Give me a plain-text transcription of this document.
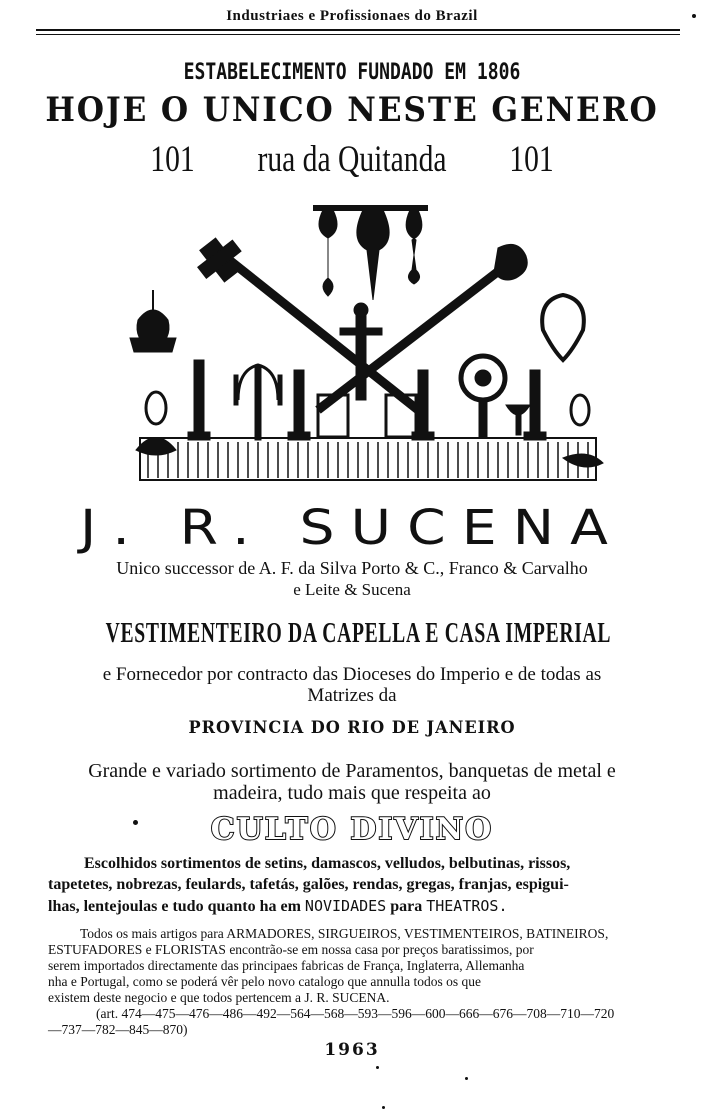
Industriaes e Profissionaes do Brazil
ESTABELECIMENTO FUNDADO EM 1806
HOJE O UNICO NESTE GENERO
101 rua da Quitanda 101
J. R. SUCENA
Unico successor de A. F. da Silva Porto & C., Franco & Carvalho
e Leite & Sucena
VESTIMENTEIRO DA CAPELLA E CASA IMPERIAL
e Fornecedor por contracto das Dioceses do Imperio e de todas as
Matrizes da
PROVINCIA DO RIO DE JANEIRO
Grande e variado sortimento de Paramentos, banquetas de metal e
madeira, tudo mais que respeita ao
CULTO DIVINO
Escolhidos sortimentos de setins, damascos, velludos, belbutinas, rissos,
tapetetes, nobrezas, feulards, tafetás, galões, rendas, gregas, franjas, espigui-
lhas, lentejoulas e tudo quanto ha em NOVIDADES para THEATROS.
Todos os mais artigos para ARMADORES, SIRGUEIROS, VESTIMENTEIROS, BATINEIROS,
ESTUFADORES e FLORISTAS encontrão-se em nossa casa por preços baratissimos, por
serem importados directamente das principaes fabricas de França, Inglaterra, Allemanha
nha e Portugal, como se poderá vêr pelo novo catalogo que annulla todos os que
existem deste negocio e que todos pertencem a J. R. SUCENA.
(art. 474—475—476—486—492—564—568—593—596—600—666—676—708—710—720
—737—782—845—870)
1963
